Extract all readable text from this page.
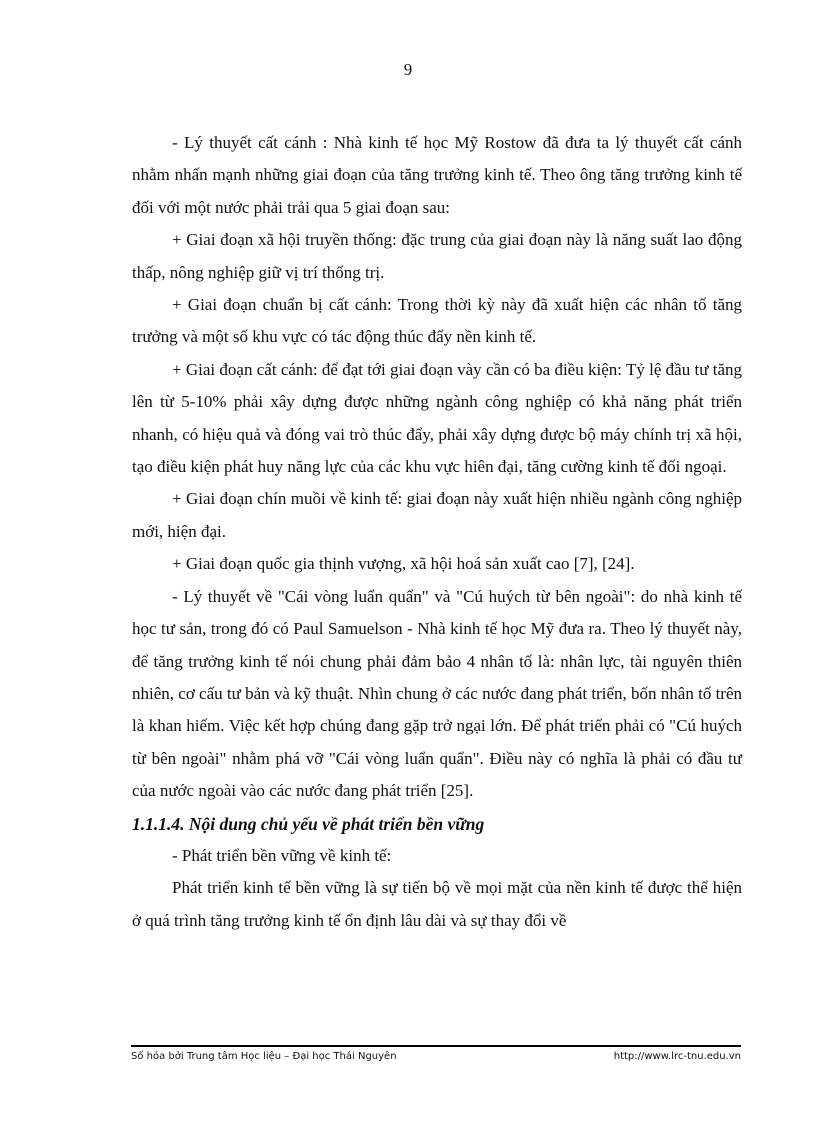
9

- Lý thuyết cất cánh : Nhà kinh tế học Mỹ Rostow đã đưa ta lý thuyết cất cánh nhằm nhấn mạnh những giai đoạn của tăng trưởng kinh tế. Theo ông tăng trưởng kinh tế đối với một nước phải trải qua 5 giai đoạn sau:

+ Giai đoạn xã hội truyền thống: đặc trung của giai đoạn này là năng suất lao động thấp, nông nghiệp giữ vị trí thống trị.

+ Giai đoạn chuẩn bị cất cánh: Trong thời kỳ này đã xuất hiện các nhân tố tăng trưởng và một số khu vực có tác động thúc đẩy nền kinh tế.

+ Giai đoạn cất cánh: để đạt tới giai đoạn vày cần có ba điều kiện: Tỷ lệ đầu tư tăng lên từ 5-10% phải xây dựng được những ngành công nghiệp có khả năng phát triển nhanh, có hiệu quả và đóng vai trò thúc đẩy, phải xây dựng được bộ máy chính trị xã hội, tạo điều kiện phát huy năng lực của các khu vực hiên đại, tăng cường kinh tế đối ngoại.

+ Giai đoạn chín muồi về kinh tế: giai đoạn này xuất hiện nhiều ngành công nghiệp mới, hiện đại.

+ Giai đoạn quốc gia thịnh vượng, xã hội hoá sản xuất cao [7], [24].

- Lý thuyết về "Cái vòng luẩn quẩn" và "Cú huých từ bên ngoài": do nhà kinh tế học tư sản, trong đó có Paul Samuelson - Nhà kinh tế học Mỹ đưa ra. Theo lý thuyết này, để tăng trưởng kinh tế nói chung phải đảm bảo 4 nhân tố là: nhân lực, tài nguyên thiên nhiên, cơ cấu tư bản và kỹ thuật. Nhìn chung ở các nước đang phát triển, bốn nhân tố trên là khan hiếm. Việc kết hợp chúng đang gặp trở ngại lớn. Để phát triển phải có "Cú huých từ bên ngoài" nhằm phá vỡ "Cái vòng luẩn quẩn". Điều này có nghĩa là phải có đầu tư của nước ngoài vào các nước đang phát triển [25].

1.1.1.4. Nội dung chủ yếu về phát triển bền vững

- Phát triển bền vững về kinh tế:

Phát triển kinh tế bền vững là sự tiến bộ về mọi mặt của nền kinh tế được thể hiện ở quá trình tăng trưởng kinh tế ổn định lâu dài và sự thay đổi về

Số hóa bởi Trung tâm Học liệu – Đại học Thái Nguyên	http://www.lrc-tnu.edu.vn
